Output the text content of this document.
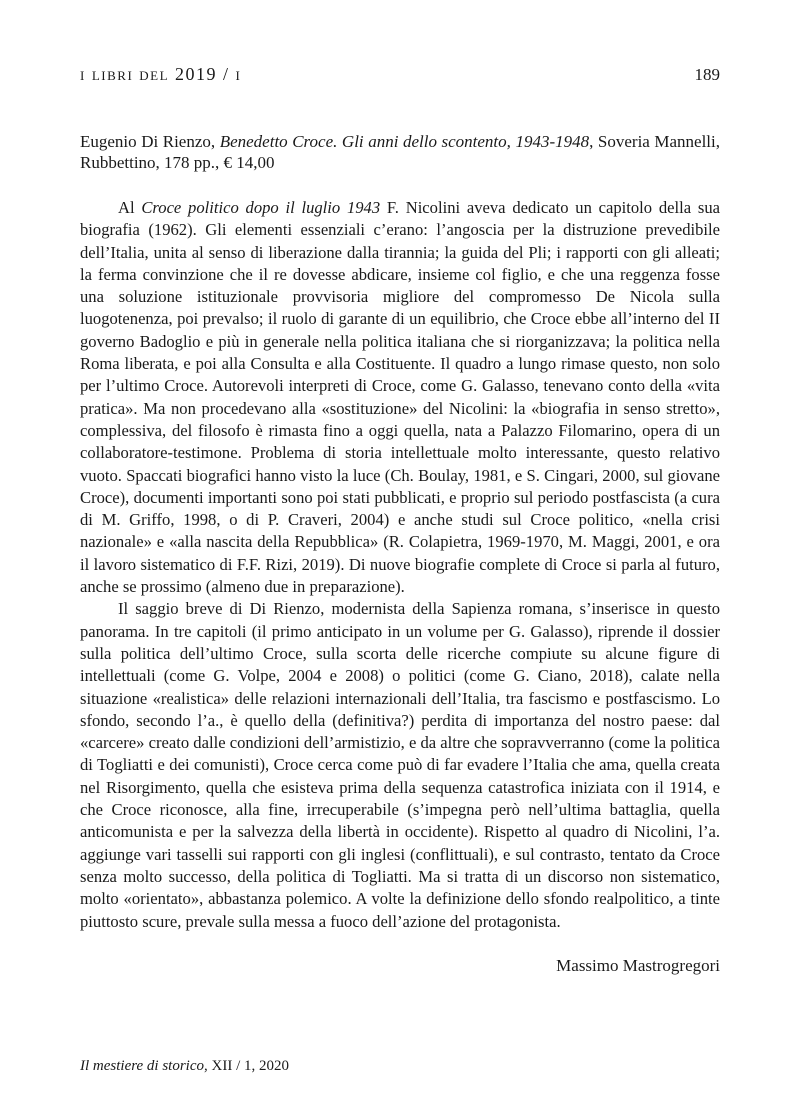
i libri del 2019 / i	189
Eugenio Di Rienzo, Benedetto Croce. Gli anni dello scontento, 1943-1948, Soveria Mannelli, Rubbettino, 178 pp., € 14,00

Al Croce politico dopo il luglio 1943 F. Nicolini aveva dedicato un capitolo della sua biografia (1962). Gli elementi essenziali c’erano: l’angoscia per la distruzione prevedibile dell’Italia, unita al senso di liberazione dalla tirannia; la guida del Pli; i rapporti con gli alleati; la ferma convinzione che il re dovesse abdicare, insieme col figlio, e che una reggenza fosse una soluzione istituzionale provvisoria migliore del compromesso De Nicola sulla luogotenenza, poi prevalso; il ruolo di garante di un equilibrio, che Croce ebbe all’interno del II governo Badoglio e più in generale nella politica italiana che si riorganizzava; la politica nella Roma liberata, e poi alla Consulta e alla Costituente. Il quadro a lungo rimase questo, non solo per l’ultimo Croce. Autorevoli interpreti di Croce, come G. Galasso, tenevano conto della «vita pratica». Ma non procedevano alla «sostituzione» del Nicolini: la «biografia in senso stretto», complessiva, del filosofo è rimasta fino a oggi quella, nata a Palazzo Filomarino, opera di un collaboratore-testimone. Problema di storia intellettuale molto interessante, questo relativo vuoto. Spaccati biografici hanno visto la luce (Ch. Boulay, 1981, e S. Cingari, 2000, sul giovane Croce), documenti importanti sono poi stati pubblicati, e proprio sul periodo postfascista (a cura di M. Griffo, 1998, o di P. Craveri, 2004) e anche studi sul Croce politico, «nella crisi nazionale» e «alla nascita della Repubblica» (R. Colapietra, 1969-1970, M. Maggi, 2001, e ora il lavoro sistematico di F.F. Rizi, 2019). Di nuove biografie complete di Croce si parla al futuro, anche se prossimo (almeno due in preparazione).

Il saggio breve di Di Rienzo, modernista della Sapienza romana, s’inserisce in questo panorama. In tre capitoli (il primo anticipato in un volume per G. Galasso), riprende il dossier sulla politica dell’ultimo Croce, sulla scorta delle ricerche compiute su alcune figure di intellettuali (come G. Volpe, 2004 e 2008) o politici (come G. Ciano, 2018), calate nella situazione «realistica» delle relazioni internazionali dell’Italia, tra fascismo e postfascismo. Lo sfondo, secondo l’a., è quello della (definitiva?) perdita di importanza del nostro paese: dal «carcere» creato dalle condizioni dell’armistizio, e da altre che sopravverranno (come la politica di Togliatti e dei comunisti), Croce cerca come può di far evadere l’Italia che ama, quella creata nel Risorgimento, quella che esisteva prima della sequenza catastrofica iniziata con il 1914, e che Croce riconosce, alla fine, irrecuperabile (s’impegna però nell’ultima battaglia, quella anticomunista e per la salvezza della libertà in occidente). Rispetto al quadro di Nicolini, l’a. aggiunge vari tasselli sui rapporti con gli inglesi (conflittuali), e sul contrasto, tentato da Croce senza molto successo, della politica di Togliatti. Ma si tratta di un discorso non sistematico, molto «orientato», abbastanza polemico. A volte la definizione dello sfondo realpolitico, a tinte piuttosto scure, prevale sulla messa a fuoco dell’azione del protagonista.

Massimo Mastrogregori
Il mestiere di storico, XII / 1, 2020
